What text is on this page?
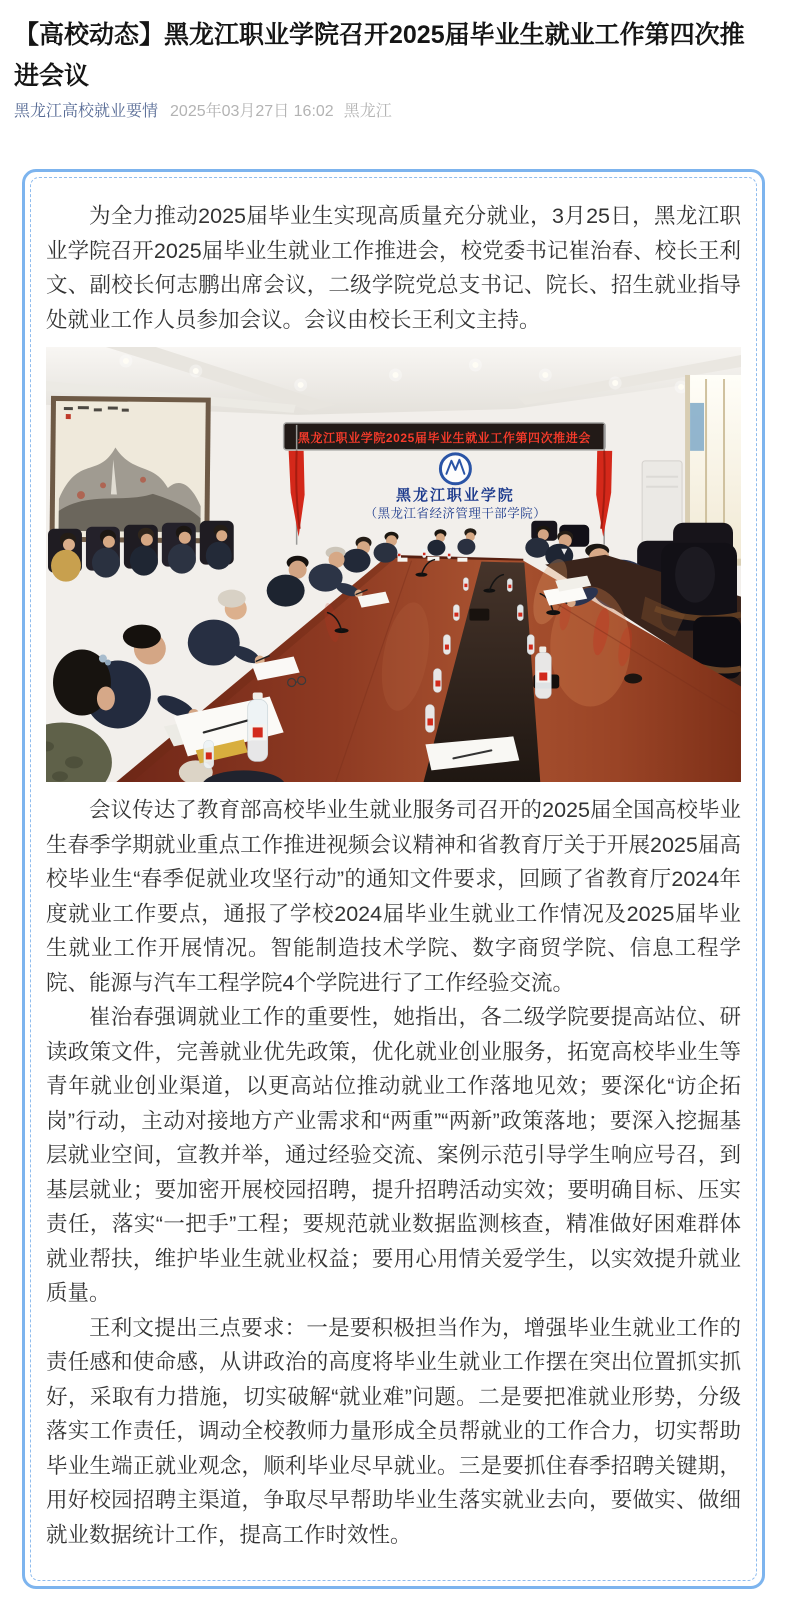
【高校动态】黑龙江职业学院召开2025届毕业生就业工作第四次推进会议
黑龙江高校就业要情 2025年03月27日 16:02 黑龙江

为全力推动2025届毕业生实现高质量充分就业，3月25日，黑龙江职业学院召开2025届毕业生就业工作推进会，校党委书记崔治春、校长王利文、副校长何志鹏出席会议，二级学院党总支书记、院长、招生就业指导处就业工作人员参加会议。会议由校长王利文主持。

黑龙江职业学院2025届毕业生就业工作第四次推进会
黑龙江职业学院
（黑龙江省经济管理干部学院）

会议传达了教育部高校毕业生就业服务司召开的2025届全国高校毕业生春季学期就业重点工作推进视频会议精神和省教育厅关于开展2025届高校毕业生“春季促就业攻坚行动”的通知文件要求，回顾了省教育厅2024年度就业工作要点，通报了学校2024届毕业生就业工作情况及2025届毕业生就业工作开展情况。智能制造技术学院、数字商贸学院、信息工程学院、能源与汽车工程学院4个学院进行了工作经验交流。

崔治春强调就业工作的重要性，她指出，各二级学院要提高站位、研读政策文件，完善就业优先政策，优化就业创业服务，拓宽高校毕业生等青年就业创业渠道，以更高站位推动就业工作落地见效；要深化“访企拓岗”行动，主动对接地方产业需求和“两重”“两新”政策落地；要深入挖掘基层就业空间，宣教并举，通过经验交流、案例示范引导学生响应号召，到基层就业；要加密开展校园招聘，提升招聘活动实效；要明确目标、压实责任，落实“一把手”工程；要规范就业数据监测核查，精准做好困难群体就业帮扶，维护毕业生就业权益；要用心用情关爱学生，以实效提升就业质量。

王利文提出三点要求：一是要积极担当作为，增强毕业生就业工作的责任感和使命感，从讲政治的高度将毕业生就业工作摆在突出位置抓实抓好，采取有力措施，切实破解“就业难”问题。二是要把准就业形势，分级落实工作责任，调动全校教师力量形成全员帮就业的工作合力，切实帮助毕业生端正就业观念，顺利毕业尽早就业。三是要抓住春季招聘关键期，用好校园招聘主渠道，争取尽早帮助毕业生落实就业去向，要做实、做细就业数据统计工作，提高工作时效性。
